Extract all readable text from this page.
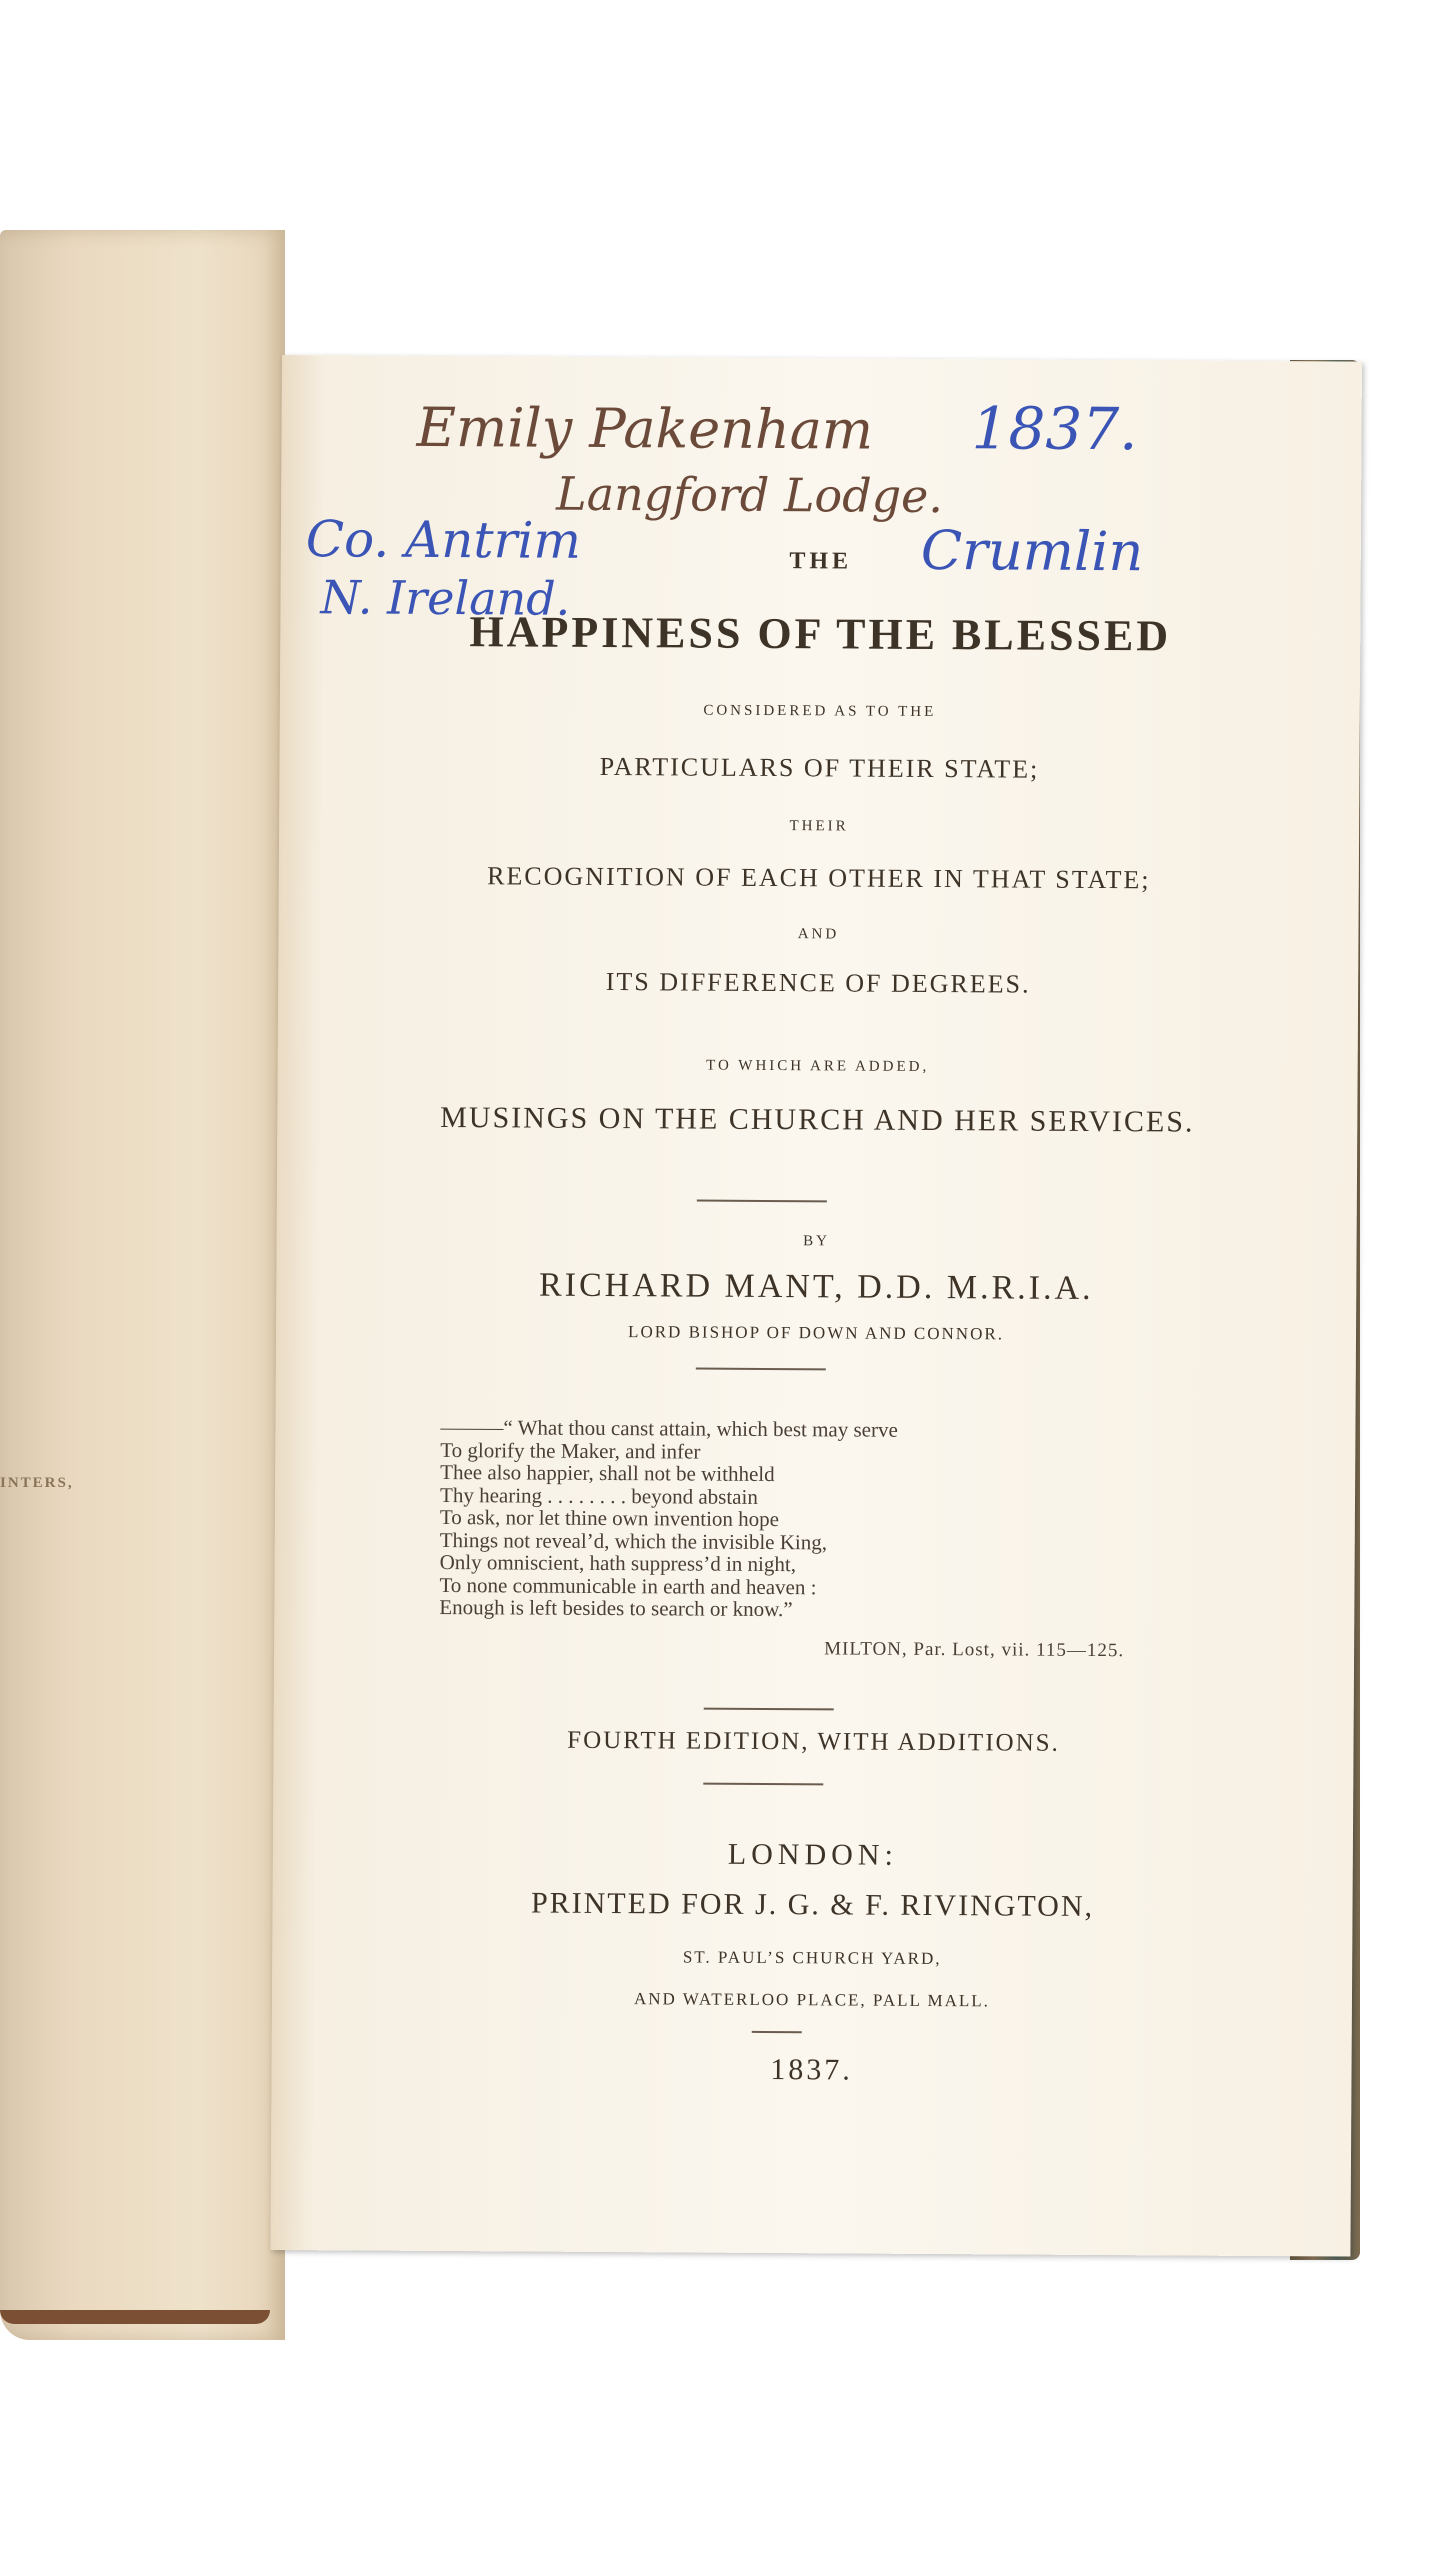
INTERS,
Emily Pakenham 1837.
Langford Lodge.
Co. Antrim
N. Ireland.
Crumlin
THE
HAPPINESS OF THE BLESSED
CONSIDERED AS TO THE
PARTICULARS OF THEIR STATE;
THEIR
RECOGNITION OF EACH OTHER IN THAT STATE;
AND
ITS DIFFERENCE OF DEGREES.
TO WHICH ARE ADDED,
MUSINGS ON THE CHURCH AND HER SERVICES.
BY
RICHARD MANT, D.D. M.R.I.A.
LORD BISHOP OF DOWN AND CONNOR.
———“ What thou canst attain, which best may serve
To glorify the Maker, and infer
Thee also happier, shall not be withheld
Thy hearing . . . . . . . . beyond abstain
To ask, nor let thine own invention hope
Things not reveal’d, which the invisible King,
Only omniscient, hath suppress’d in night,
To none communicable in earth and heaven :
Enough is left besides to search or know.”
MILTON, Par. Lost, vii. 115—125.
FOURTH EDITION, WITH ADDITIONS.
LONDON:
PRINTED FOR J. G. & F. RIVINGTON,
ST. PAUL’S CHURCH YARD,
AND WATERLOO PLACE, PALL MALL.
1837.
